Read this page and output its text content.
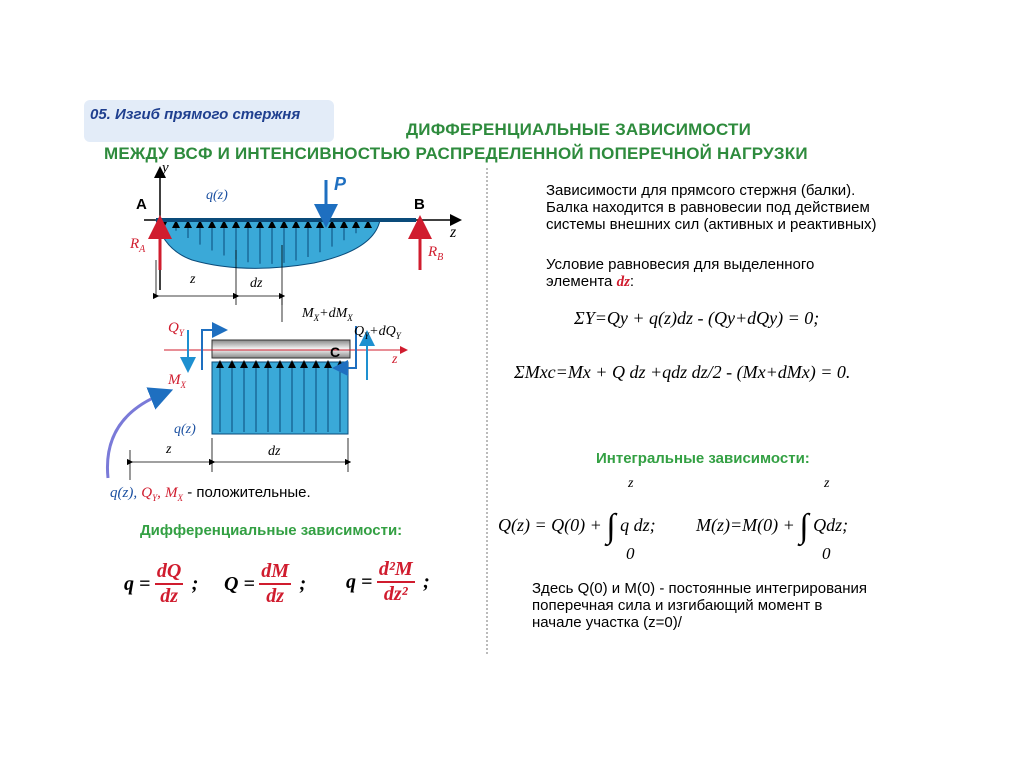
05. Изгиб прямого стержня
ДИФФЕРЕНЦИАЛЬНЫЕ ЗАВИСИМОСТИ
МЕЖДУ ВСФ И ИНТЕНСИВНОСТЬЮ РАСПРЕДЕЛЕННОЙ ПОПЕРЕЧНОЙ НАГРУЗКИ
y
z
A	B
P
q(z)
$R_A$	$R_B$
z	dz
$M_X+dM_X$
$Q_Y+dQ_Y$
$Q_Y$
$M_X$
C	z
q(z)
z	dz
q(z), $Q_Y$, $M_X$ - положительные.
Дифференциальные зависимости:
$q = \frac{dQ}{dz}$ ; $Q = \frac{dM}{dz}$ ; $q = \frac{\text{d²M}}{\text{dz²}}$ ;
Зависимости для прямсого стержня (балки).
Балка находится в равновесии под действием
системы внешних сил (активных и реактивных)
Условие равновесия для выделенного
элемента dz:
ΣY=Qy + q(z)dz - (Qy+dQy) = 0;
ΣMxc=Mx + Q dz +qdz dz/2 - (Mx+dMx) = 0.
Интегральные зависимости:
Q(z) = Q(0) + ∫ q dz;
z
0
M(z)=M(0) + ∫ Qdz;
z
0
Здесь Q(0) и M(0) - постоянные интегрирования
поперечная сила и изгибающий момент в
начале участка (z=0)/
